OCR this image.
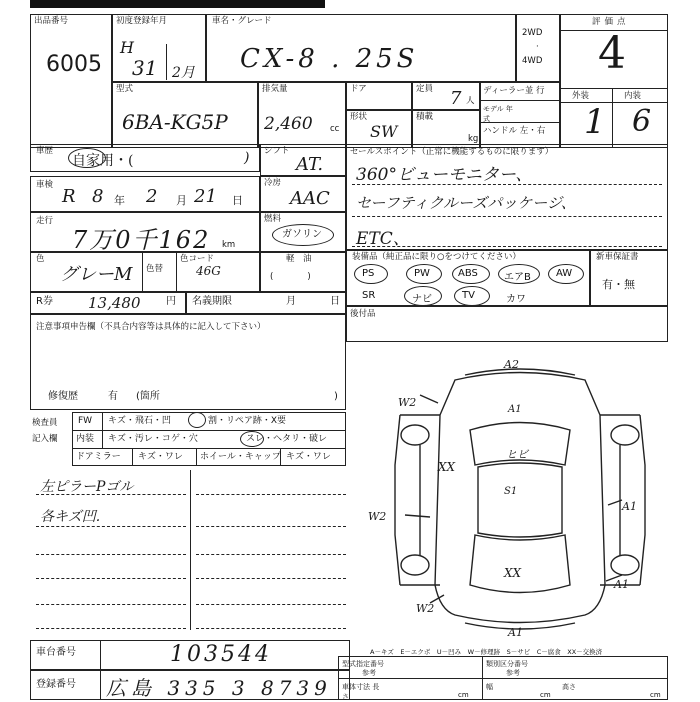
出品番号
6005
初度登録年月
H
31 2月
車名・グレード
CX-8 . 25S
2WD
·
4WD
評価点
4
外装	内装
1 6
型式
6BA-KG5P
排気量
2,460 cc
ドア	定員 7 人
ディーラー並 行
モデル 年式
ハンドル 左・右
形状
SW
積載
kg
車歴
自家用・(	) シフト
AT.
車検
R 8 年 2 月 21 日
冷房
AAC
走行
7万0千162 km
燃料
ガソリン
色
グレーM 色替
色コード
46G
軽　油
(　　　　)
R券 13,480	円 名義期限	月	日
セールスポイント（正常に機能するものに限ります）
360°ビューモニター、
セーフティクルーズパッケージ、
ETC、
装備品（純正品に限り○をつけてください）
PS	PW	ABS	エアB	AW
SR	ナビ	TV	カワ
新車保証書
有・無
後付品
注意事項申告欄（不具合内容等は具体的に記入して下さい）
修復歴	有 (箇所	)
検査員
記入欄
FW キズ・飛石・凹	割・リペア跡・X要
内装 キズ・汚レ・コゲ・穴	スレ・ヘタリ・破レ
ドアミラー キズ・ワレ ホイール・キャップ キズ・ワレ
左ピラーPゴル
各キズ凹.
A2
A1
W2
XX
ヒビ
S1
W2
A1
XX
A1
W2
A1
A－キズ　E－エクボ　U－凹み　W－修理跡　S－サビ　C－腐食　XX－交換済
車台番号	103544
登録番号 広島 335 3 8739
型式指定番号
参考
類別区分番号
参考
車体寸法 長さ	cm
幅
cm
高さ
cm
